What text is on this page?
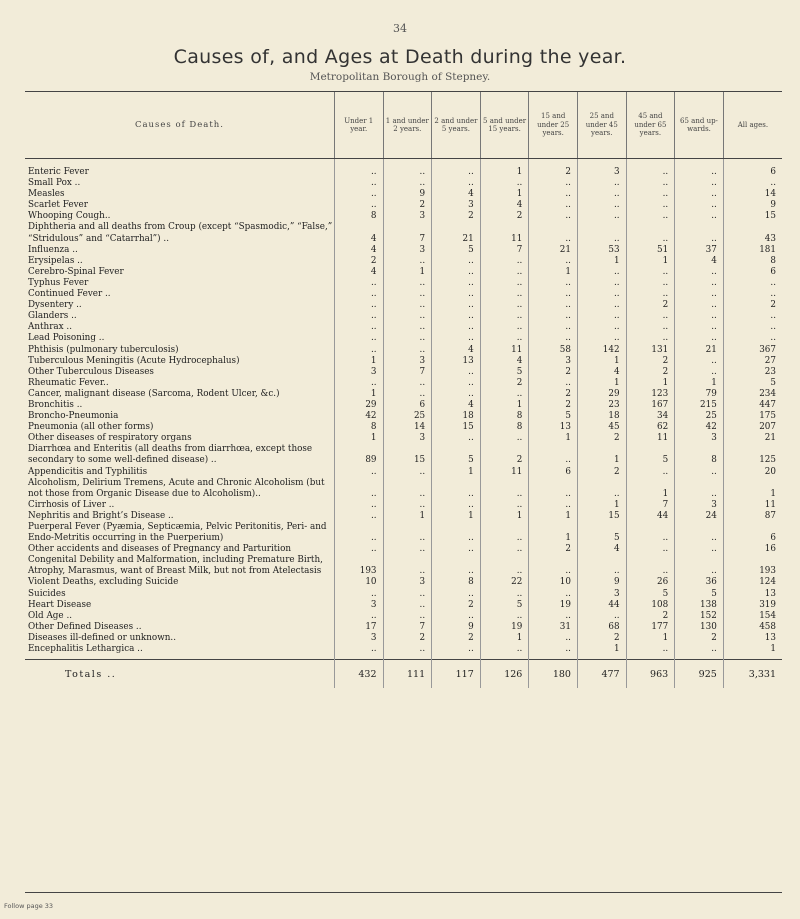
34
Causes of, and Ages at Death during the year.
Metropolitan Borough of Stepney.
Causes of Death.	Under 1 year.	1 and under 2 years.	2 and under 5 years.	5 and under 15 years.	15 and under 25 years.	25 and under 45 years.	45 and under 65 years.	65 and up-wards.	All ages.
Enteric Fever	..	..	..	1	2	3	..	..	6
Small Pox ..	..	..	..	..	..	..	..	..	..
Measles	..	9	4	1	..	..	..	..	14
Scarlet Fever	..	2	3	4	..	..	..	..	9
Whooping Cough..	8	3	2	2	..	..	..	..	15
Diphtheria and all deaths from Croup (except “Spasmodic,” “False,” “Stridulous” and “Catarrhal”) ..	4	7	21	11	..	..	..	..	43
Influenza ..	4	3	5	7	21	53	51	37	181
Erysipelas ..	2	..	..	..	..	1	1	4	8
Cerebro-Spinal Fever	4	1	..	..	1	..	..	..	6
Typhus Fever	..	..	..	..	..	..	..	..	..
Continued Fever ..	..	..	..	..	..	..	..	..	..
Dysentery ..	..	..	..	..	..	..	2	..	2
Glanders ..	..	..	..	..	..	..	..	..	..
Anthrax ..	..	..	..	..	..	..	..	..	..
Lead Poisoning ..	..	..	..	..	..	..	..	..	..
Phthisis (pulmonary tuberculosis)	..	..	4	11	58	142	131	21	367
Tuberculous Meningitis (Acute Hydrocephalus)	1	3	13	4	3	1	2	..	27
Other Tuberculous Diseases	3	7	..	5	2	4	2	..	23
Rheumatic Fever..	..	..	..	2	..	1	1	1	5
Cancer, malignant disease (Sarcoma, Rodent Ulcer, &c.)	1	..	..	..	2	29	123	79	234
Bronchitis ..	29	6	4	1	2	23	167	215	447
Broncho-Pneumonia	42	25	18	8	5	18	34	25	175
Pneumonia (all other forms)	8	14	15	8	13	45	62	42	207
Other diseases of respiratory organs	1	3	..	..	1	2	11	3	21
Diarrhœa and Enteritis (all deaths from diarrhœa, except those secondary to some well-defined disease) ..	89	15	5	2	..	1	5	8	125
Appendicitis and Typhilitis	..	..	1	11	6	2	..	..	20
Alcoholism, Delirium Tremens, Acute and Chronic Alcoholism (but not those from Organic Disease due to Alcoholism)..	..	..	..	..	..	..	1	..	1
Cirrhosis of Liver ..	..	..	..	..	..	1	7	3	11
Nephritis and Bright’s Disease ..	..	1	1	1	1	15	44	24	87
Puerperal Fever (Pyæmia, Septicæmia, Pelvic Peritonitis, Peri- and Endo-Metritis occurring in the Puerperium)	..	..	..	..	1	5	..	..	6
Other accidents and diseases of Pregnancy and Parturition	..	..	..	..	2	4	..	..	16
Congenital Debility and Malformation, including Premature Birth, Atrophy, Marasmus, want of Breast Milk, but not from Atelectasis	193	..	..	..	..	..	..	..	193
Violent Deaths, excluding Suicide	10	3	8	22	10	9	26	36	124
Suicides	..	..	..	..	..	3	5	5	13
Heart Disease	3	..	2	5	19	44	108	138	319
Old Age ..	..	..	..	..	..	..	2	152	154
Other Defined Diseases ..	17	7	9	19	31	68	177	130	458
Diseases ill-defined or unknown..	3	2	2	1	..	2	1	2	13
Encephalitis Lethargica ..	..	..	..	..	..	1	..	..	1

Totals ..	432	111	117	126	180	477	963	925	3,331
Follow page 33
